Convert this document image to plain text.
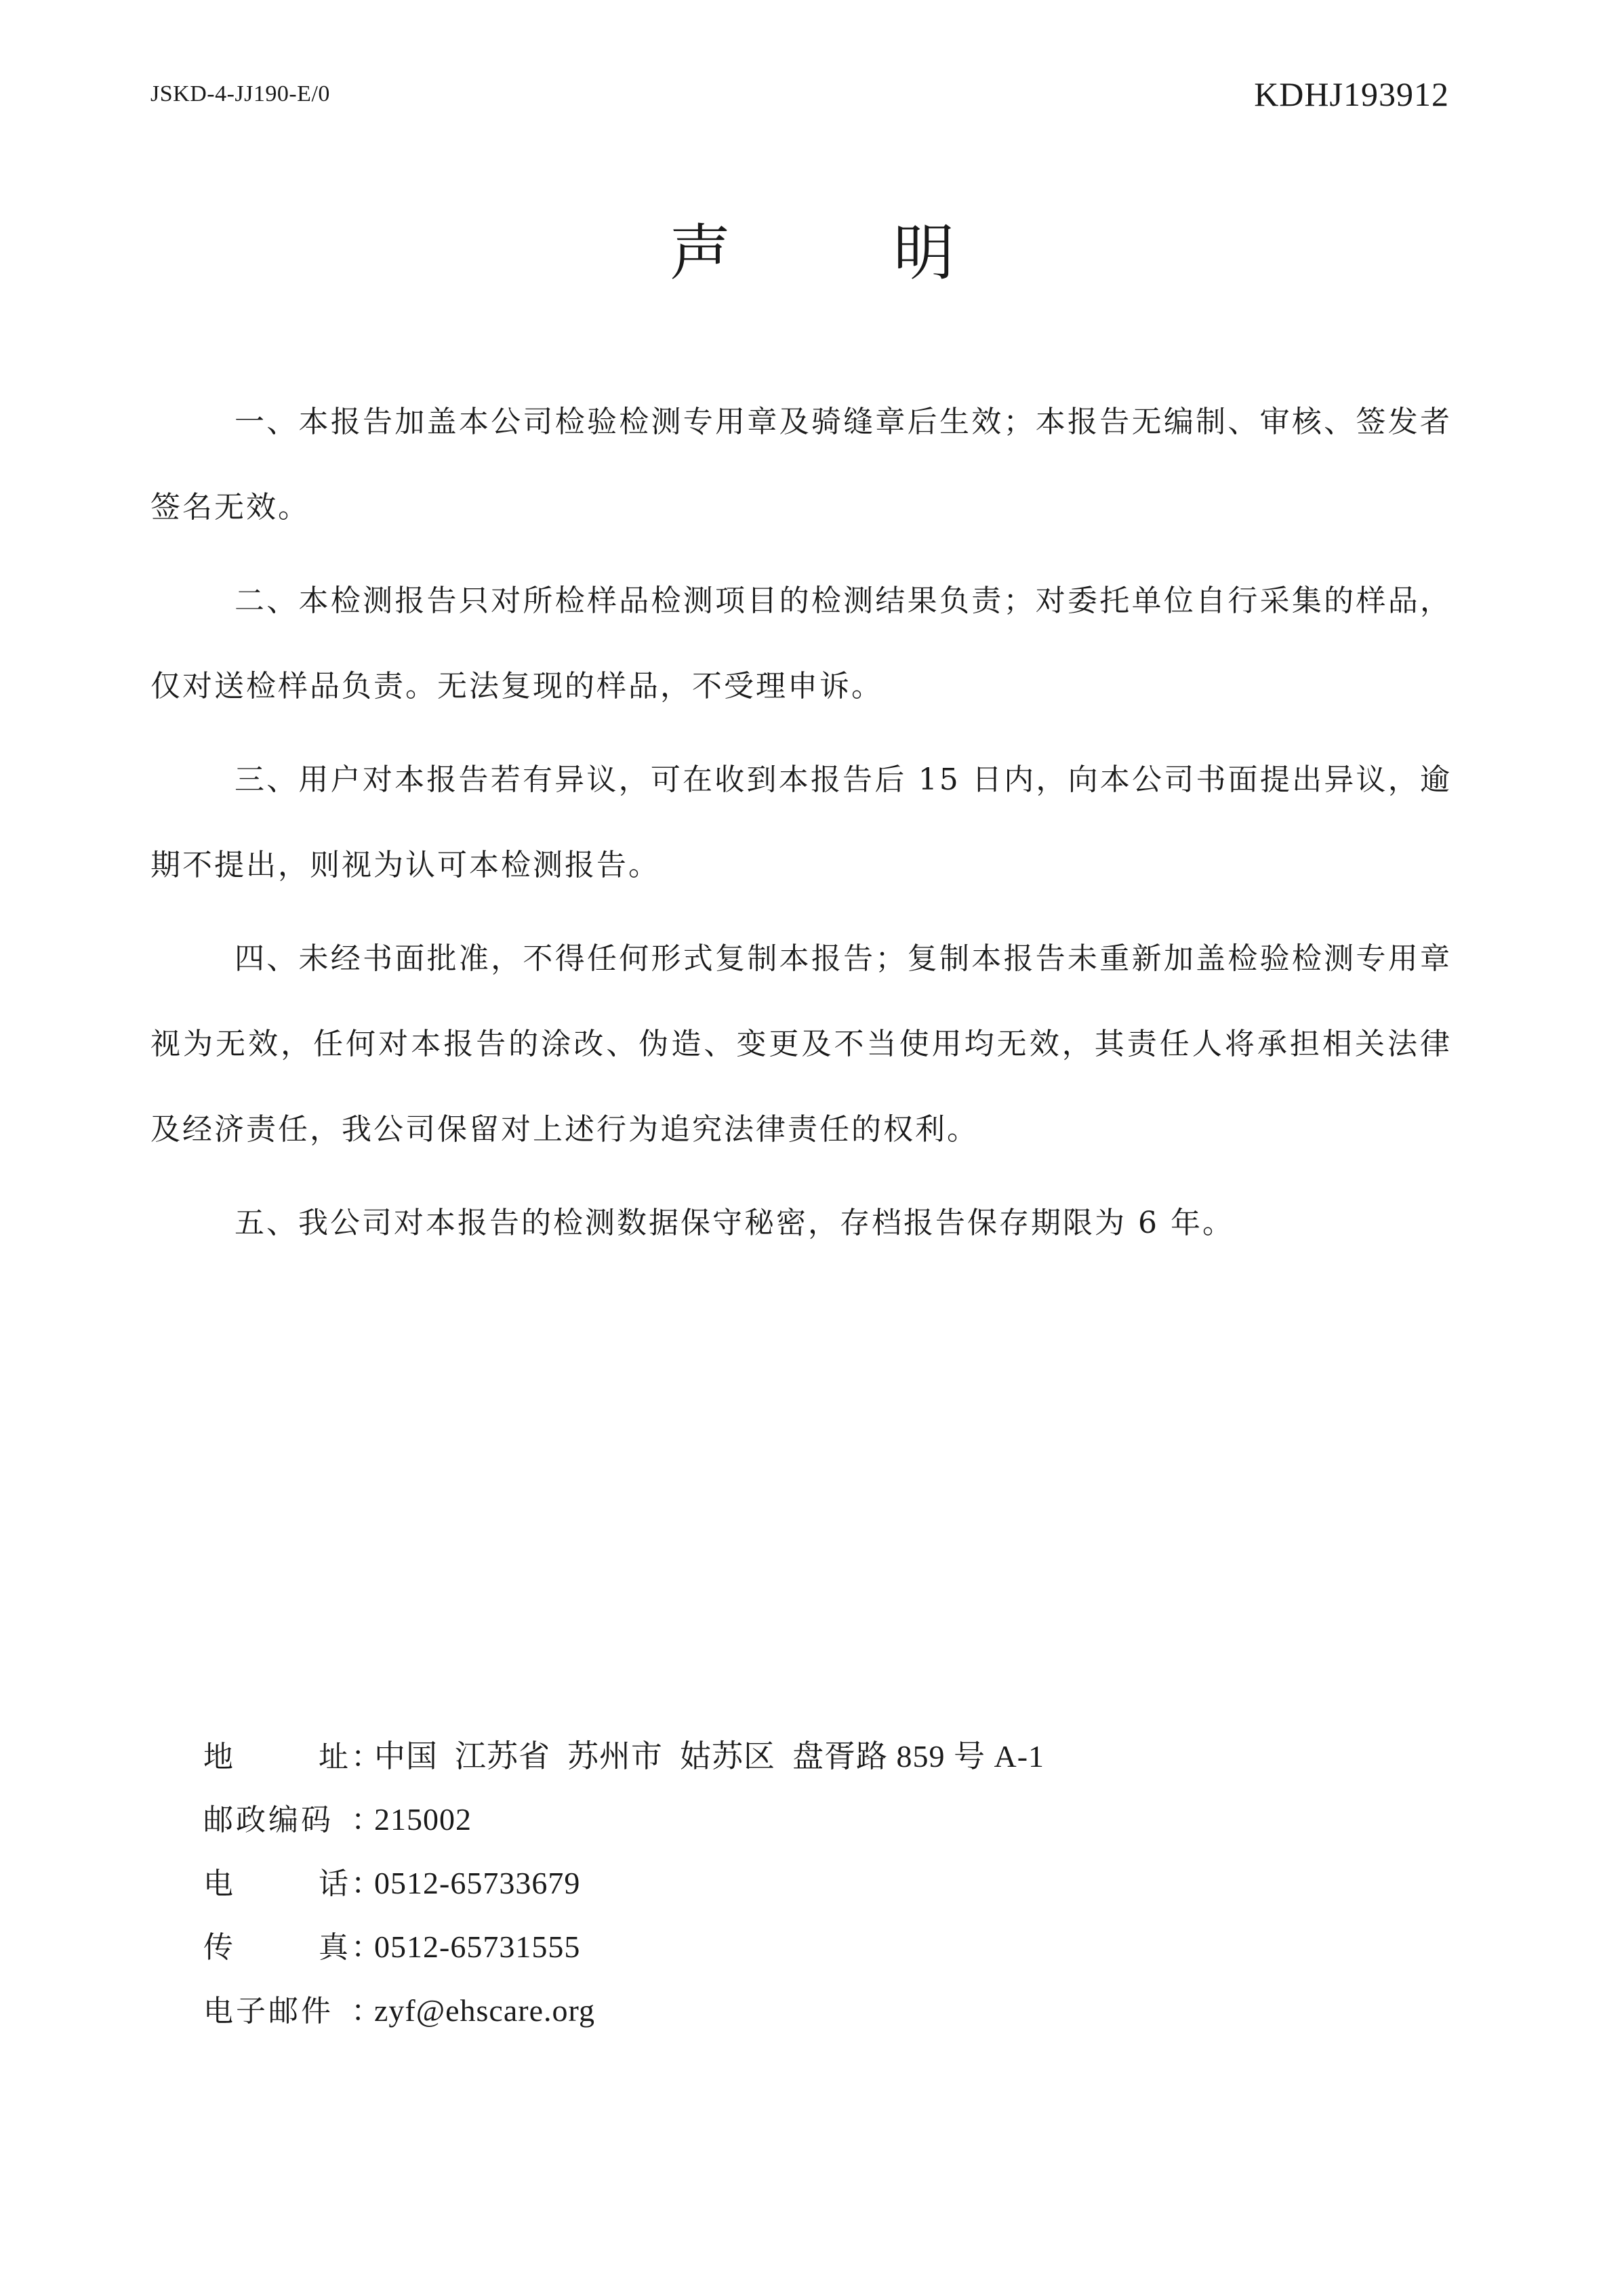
JSKD-4-JJ190-E/0	KDHJ193912
声明

一、本报告加盖本公司检验检测专用章及骑缝章后生效；本报告无编制、审核、签发者签名无效。

二、本检测报告只对所检样品检测项目的检测结果负责；对委托单位自行采集的样品，仅对送检样品负责。无法复现的样品，不受理申诉。

三、用户对本报告若有异议，可在收到本报告后 15 日内，向本公司书面提出异议，逾期不提出，则视为认可本检测报告。

四、未经书面批准，不得任何形式复制本报告；复制本报告未重新加盖检验检测专用章视为无效，任何对本报告的涂改、伪造、变更及不当使用均无效，其责任人将承担相关法律及经济责任，我公司保留对上述行为追究法律责任的权利。

五、我公司对本报告的检测数据保守秘密，存档报告保存期限为 6 年。

地	址 ：
中国  江苏省  苏州市  姑苏区  盘胥路 859 号 A-1
邮政编码 ：
215002
电	话 ：
0512-65733679
传	真 ：
0512-65731555
电子邮件 ：
zyf@ehscare.org
